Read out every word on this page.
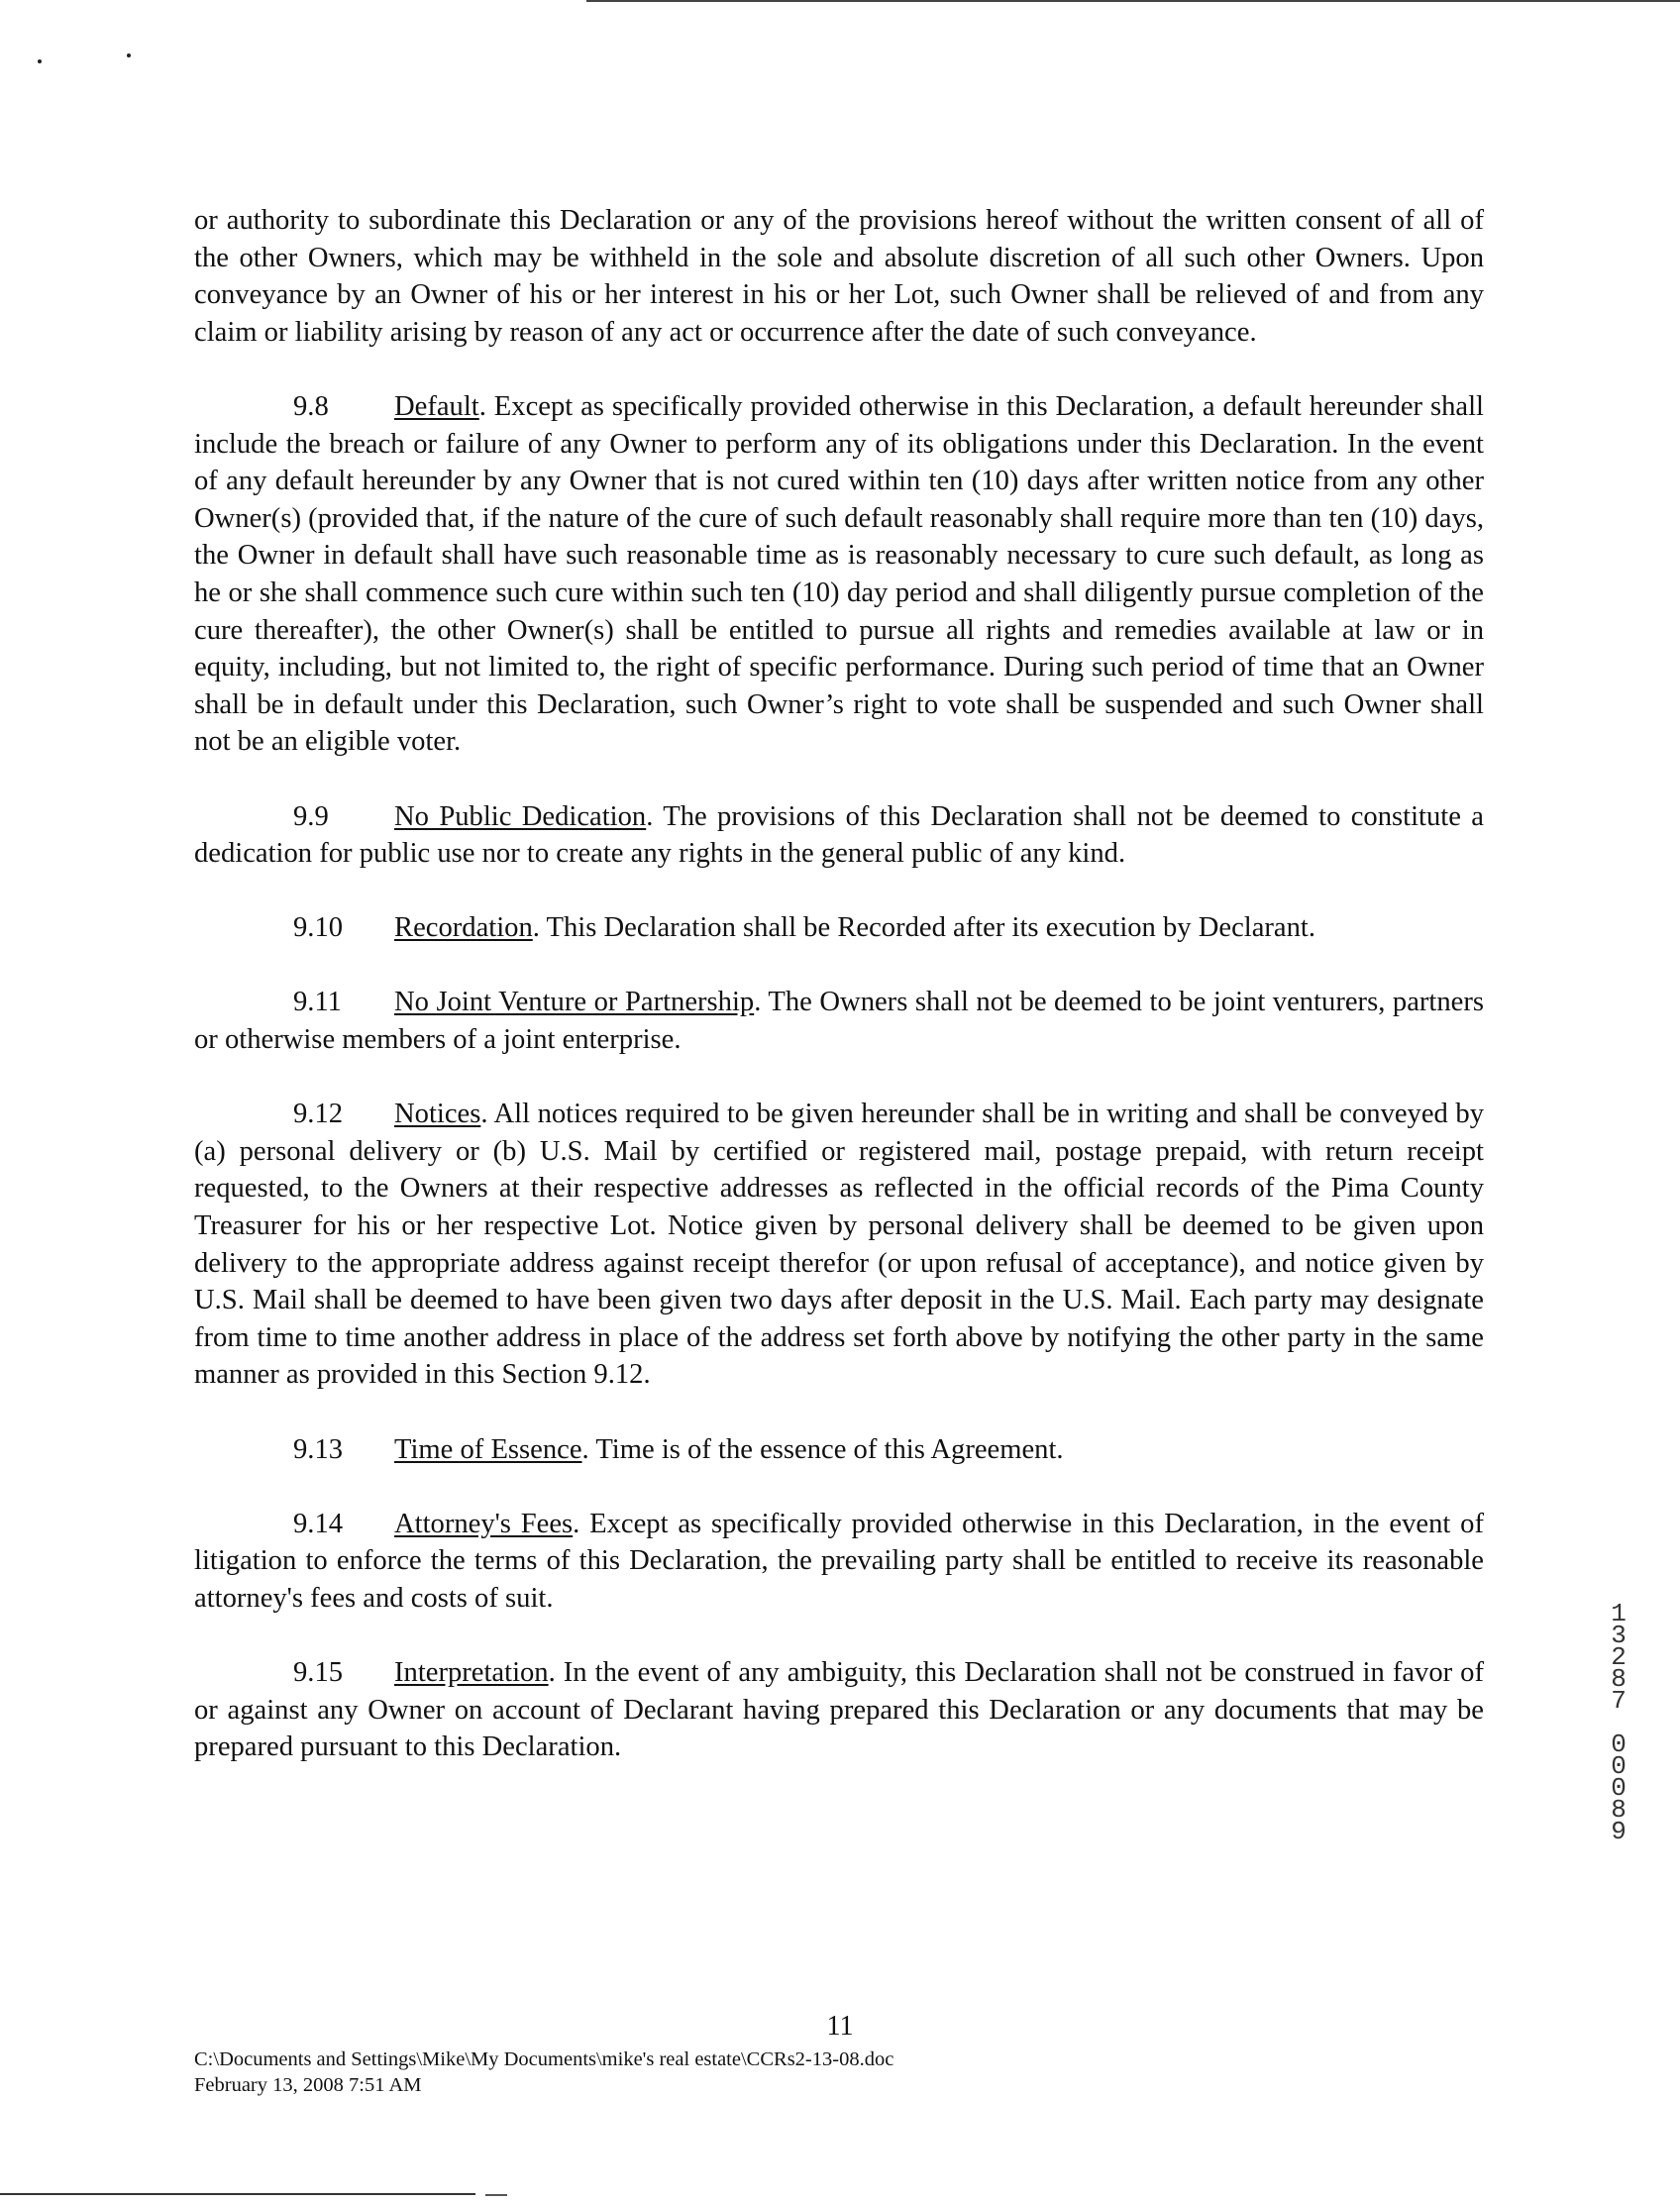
or authority to subordinate this Declaration or any of the provisions hereof without the written consent of all of the other Owners, which may be withheld in the sole and absolute discretion of all such other Owners. Upon conveyance by an Owner of his or her interest in his or her Lot, such Owner shall be relieved of and from any claim or liability arising by reason of any act or occurrence after the date of such conveyance.

9.8 Default. Except as specifically provided otherwise in this Declaration, a default hereunder shall include the breach or failure of any Owner to perform any of its obligations under this Declaration. In the event of any default hereunder by any Owner that is not cured within ten (10) days after written notice from any other Owner(s) (provided that, if the nature of the cure of such default reasonably shall require more than ten (10) days, the Owner in default shall have such reasonable time as is reasonably necessary to cure such default, as long as he or she shall commence such cure within such ten (10) day period and shall diligently pursue completion of the cure thereafter), the other Owner(s) shall be entitled to pursue all rights and remedies available at law or in equity, including, but not limited to, the right of specific performance. During such period of time that an Owner shall be in default under this Declaration, such Owner’s right to vote shall be suspended and such Owner shall not be an eligible voter.

9.9 No Public Dedication. The provisions of this Declaration shall not be deemed to constitute a dedication for public use nor to create any rights in the general public of any kind.

9.10 Recordation. This Declaration shall be Recorded after its execution by Declarant.

9.11 No Joint Venture or Partnership. The Owners shall not be deemed to be joint venturers, partners or otherwise members of a joint enterprise.

9.12 Notices. All notices required to be given hereunder shall be in writing and shall be conveyed by (a) personal delivery or (b) U.S. Mail by certified or registered mail, postage prepaid, with return receipt requested, to the Owners at their respective addresses as reflected in the official records of the Pima County Treasurer for his or her respective Lot. Notice given by personal delivery shall be deemed to be given upon delivery to the appropriate address against receipt therefor (or upon refusal of acceptance), and notice given by U.S. Mail shall be deemed to have been given two days after deposit in the U.S. Mail. Each party may designate from time to time another address in place of the address set forth above by notifying the other party in the same manner as provided in this Section 9.12.

9.13 Time of Essence. Time is of the essence of this Agreement.

9.14 Attorney's Fees. Except as specifically provided otherwise in this Declaration, in the event of litigation to enforce the terms of this Declaration, the prevailing party shall be entitled to receive its reasonable attorney's fees and costs of suit.

9.15 Interpretation. In the event of any ambiguity, this Declaration shall not be construed in favor of or against any Owner on account of Declarant having prepared this Declaration or any documents that may be prepared pursuant to this Declaration.

1
3
2
8
7
0
0
0
8
9
11
C:\Documents and Settings\Mike\My Documents\mike's real estate\CCRs2-13-08.doc
February 13, 2008 7:51 AM
